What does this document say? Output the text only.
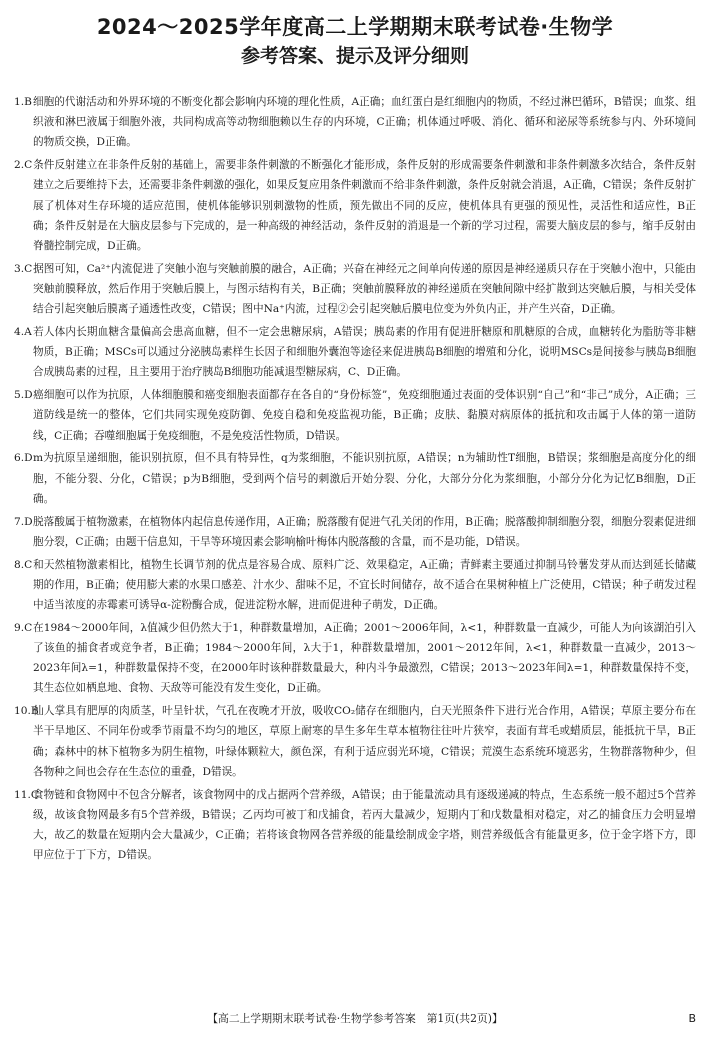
2024～2025学年度高二上学期期末联考试卷·生物学
参考答案、提示及评分细则
1.B细胞的代谢活动和外界环境的不断变化都会影响内环境的理化性质，A正确；血红蛋白是红细胞内的物质，不经过淋巴循环，B错误；血浆、组织液和淋巴液属于细胞外液，共同构成高等动物细胞赖以生存的内环境，C正确；机体通过呼吸、消化、循环和泌尿等系统参与内、外环境间的物质交换，D正确。
2.C条件反射建立在非条件反射的基础上，需要非条件刺激的不断强化才能形成，条件反射的形成需要条件刺激和非条件刺激多次结合，条件反射建立之后要维持下去，还需要非条件刺激的强化，如果反复应用条件刺激而不给非条件刺激，条件反射就会消退，A正确，C错误；条件反射扩展了机体对生存环境的适应范围，使机体能够识别刺激物的性质，预先做出不同的反应，使机体具有更强的预见性，灵活性和适应性，B正确；条件反射是在大脑皮层参与下完成的，是一种高级的神经活动，条件反射的消退是一个新的学习过程，需要大脑皮层的参与，缩手反射由脊髓控制完成，D正确。
3.C据图可知，Ca²⁺内流促进了突触小泡与突触前膜的融合，A正确；兴奋在神经元之间单向传递的原因是神经递质只存在于突触小泡中，只能由突触前膜释放，然后作用于突触后膜上，与图示结构有关，B正确；突触前膜释放的神经递质在突触间隙中经扩散到达突触后膜，与相关受体结合引起突触后膜离子通透性改变，C错误；图中Na⁺内流，过程②会引起突触后膜电位变为外负内正，并产生兴奋，D正确。
4.A若人体内长期血糖含量偏高会患高血糖，但不一定会患糖尿病，A错误；胰岛素的作用有促进肝糖原和肌糖原的合成，血糖转化为脂肪等非糖物质，B正确；MSCs可以通过分泌胰岛素样生长因子和细胞外囊泡等途径来促进胰岛B细胞的增殖和分化，说明MSCs是间接参与胰岛B细胞合成胰岛素的过程，且主要用于治疗胰岛B细胞功能减退型糖尿病，C、D正确。
5.D癌细胞可以作为抗原，人体细胞膜和癌变细胞表面都存在各自的“身份标签”，免疫细胞通过表面的受体识别“自己”和“非己”成分，A正确；三道防线是统一的整体，它们共同实现免疫防御、免疫自稳和免疫监视功能，B正确；皮肤、黏膜对病原体的抵抗和攻击属于人体的第一道防线，C正确；吞噬细胞属于免疫细胞，不是免疫活性物质，D错误。
6.Dm为抗原呈递细胞，能识别抗原，但不具有特异性，q为浆细胞，不能识别抗原，A错误；n为辅助性T细胞，B错误；浆细胞是高度分化的细胞，不能分裂、分化，C错误；p为B细胞，受到两个信号的刺激后开始分裂、分化，大部分分化为浆细胞，小部分分化为记忆B细胞，D正确。
7.D脱落酸属于植物激素，在植物体内起信息传递作用，A正确；脱落酸有促进气孔关闭的作用，B正确；脱落酸抑制细胞分裂，细胞分裂素促进细胞分裂，C正确；由题干信息知，干旱等环境因素会影响榆叶梅体内脱落酸的含量，而不是功能，D错误。
8.C和天然植物激素相比，植物生长调节剂的优点是容易合成、原料广泛、效果稳定，A正确；青鲜素主要通过抑制马铃薯发芽从而达到延长储藏期的作用，B正确；使用膨大素的水果口感差、汁水少、甜味不足，不宜长时间储存，故不适合在果树种植上广泛使用，C错误；种子萌发过程中适当浓度的赤霉素可诱导α-淀粉酶合成，促进淀粉水解，进而促进种子萌发，D正确。
9.C在1984～2000年间，λ值减少但仍然大于1，种群数量增加，A正确；2001～2006年间，λ<1，种群数量一直减少，可能人为向该湖泊引入了该鱼的捕食者或竞争者，B正确；1984～2000年间，λ大于1，种群数量增加，2001～2012年间，λ<1，种群数量一直减少，2013～2023年间λ=1，种群数量保持不变，在2000年时该种群数量最大，种内斗争最激烈，C错误；2013～2023年间λ=1，种群数量保持不变，其生态位如栖息地、食物、天敌等可能没有发生变化，D正确。
10.B仙人掌具有肥厚的肉质茎，叶呈针状，气孔在夜晚才开放，吸收CO₂储存在细胞内，白天光照条件下进行光合作用，A错误；草原主要分布在半干旱地区、不同年份或季节雨量不均匀的地区，草原上耐寒的旱生多年生草本植物往往叶片狭窄，表面有茸毛或蜡质层，能抵抗干旱，B正确；森林中的林下植物多为阴生植物，叶绿体颗粒大，颜色深，有利于适应弱光环境，C错误；荒漠生态系统环境恶劣，生物群落物种少，但各物种之间也会存在生态位的重叠，D错误。
11.C食物链和食物网中不包含分解者，该食物网中的戊占据两个营养级，A错误；由于能量流动具有逐级递减的特点，生态系统一般不超过5个营养级，故该食物网最多有5个营养级，B错误；乙丙均可被丁和戊捕食，若丙大量减少，短期内丁和戊数量相对稳定，对乙的捕食压力会明显增大，故乙的数量在短期内会大量减少，C正确；若将该食物网各营养级的能量绘制成金字塔，则营养级低含有能量更多，位于金字塔下方，即甲应位于丁下方，D错误。
【高二上学期期末联考试卷·生物学参考答案　第1页(共2页)】	B
